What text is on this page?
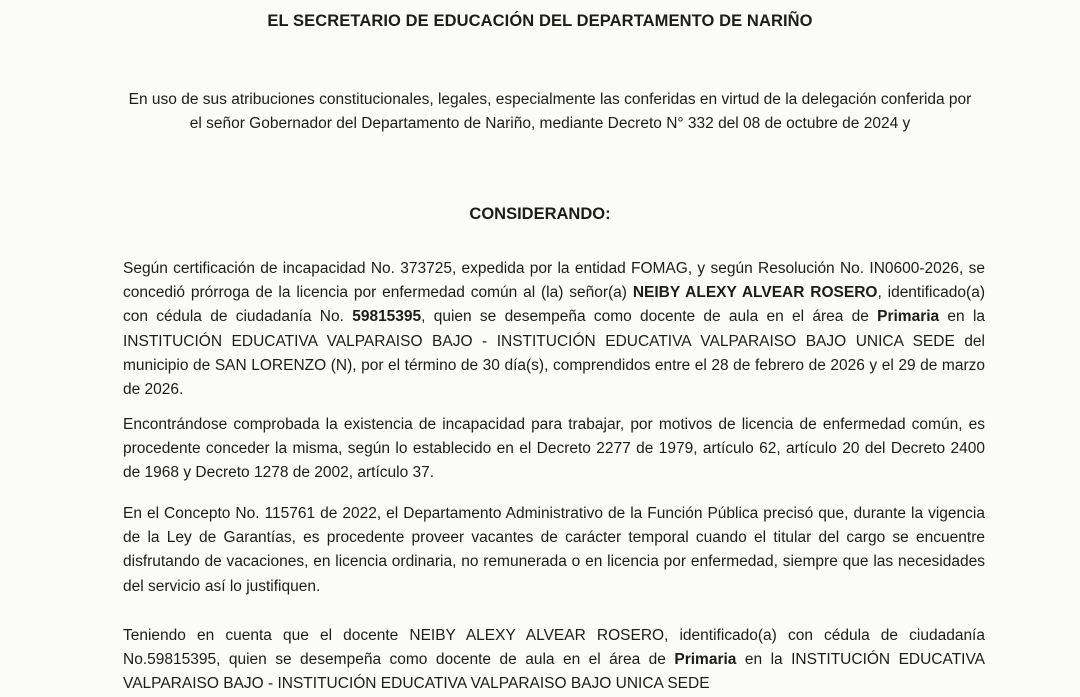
EL SECRETARIO DE EDUCACIÓN DEL DEPARTAMENTO DE NARIÑO
En uso de sus atribuciones constitucionales, legales, especialmente las conferidas en virtud de la delegación conferida por el señor Gobernador del Departamento de Nariño, mediante Decreto N° 332 del 08 de octubre de 2024 y
CONSIDERANDO:
Según certificación de incapacidad No. 373725, expedida por la entidad FOMAG, y según Resolución No. IN0600-2026, se concedió prórroga de la licencia por enfermedad común al (la) señor(a) NEIBY ALEXY ALVEAR ROSERO, identificado(a) con cédula de ciudadanía No. 59815395, quien se desempeña como docente de aula en el área de Primaria en la INSTITUCIÓN EDUCATIVA VALPARAISO BAJO - INSTITUCIÓN EDUCATIVA VALPARAISO BAJO UNICA SEDE del municipio de SAN LORENZO (N), por el término de 30 día(s), comprendidos entre el 28 de febrero de 2026 y el 29 de marzo de 2026.
Encontrándose comprobada la existencia de incapacidad para trabajar, por motivos de licencia de enfermedad común, es procedente conceder la misma, según lo establecido en el Decreto 2277 de 1979, artículo 62, artículo 20 del Decreto 2400 de 1968 y Decreto 1278 de 2002, artículo 37.
En el Concepto No. 115761 de 2022, el Departamento Administrativo de la Función Pública precisó que, durante la vigencia de la Ley de Garantías, es procedente proveer vacantes de carácter temporal cuando el titular del cargo se encuentre disfrutando de vacaciones, en licencia ordinaria, no remunerada o en licencia por enfermedad, siempre que las necesidades del servicio así lo justifiquen.
Teniendo en cuenta que el docente NEIBY ALEXY ALVEAR ROSERO, identificado(a) con cédula de ciudadanía No.59815395, quien se desempeña como docente de aula en el área de Primaria en la INSTITUCIÓN EDUCATIVA VALPARAISO BAJO - INSTITUCIÓN EDUCATIVA VALPARAISO BAJO UNICA SEDE
